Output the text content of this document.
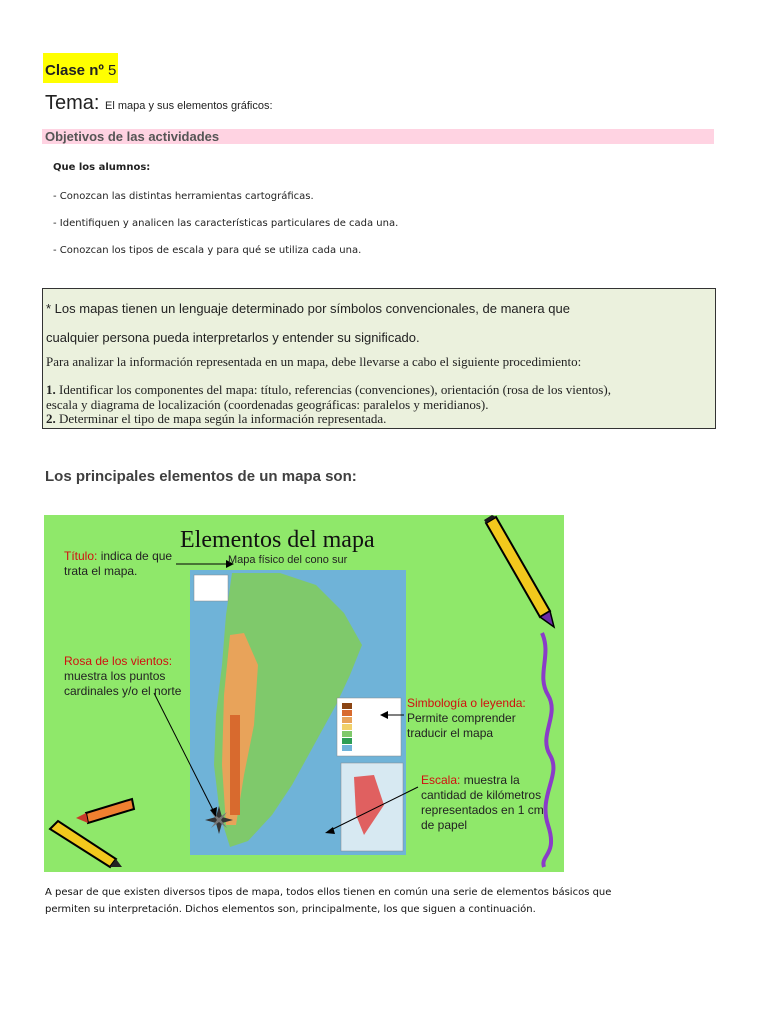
Clase nº 5
Tema: El mapa y sus elementos gráficos:
Objetivos de las actividades
Que los alumnos:
- Conozcan las distintas herramientas cartográficas.
- Identifiquen y analicen las características particulares de cada una.
- Conozcan los tipos de escala y para qué se utiliza cada una.
* Los mapas tienen un lenguaje determinado por símbolos convencionales, de manera que
cualquier persona pueda interpretarlos y entender su significado.
Para analizar la información representada en un mapa, debe llevarse a cabo el siguiente procedimiento:
1. Identificar los componentes del mapa: título, referencias (convenciones), orientación (rosa de los vientos),
escala y diagrama de localización (coordenadas geográficas: paralelos y meridianos).
2. Determinar el tipo de mapa según la información representada.
Los principales elementos de un mapa son:
Elementos del mapa
Título: indica de que
trata el mapa.
Mapa físico del cono sur
Rosa de los vientos:
muestra los puntos
cardinales y/o el norte
Simbología o leyenda:
Permite comprender
traducir el mapa
Escala: muestra la
cantidad de kilómetros
representados en 1 cm
de papel
A pesar de que existen diversos tipos de mapa, todos ellos tienen en común una serie de elementos básicos que
permiten su interpretación. Dichos elementos son, principalmente, los que siguen a continuación.
